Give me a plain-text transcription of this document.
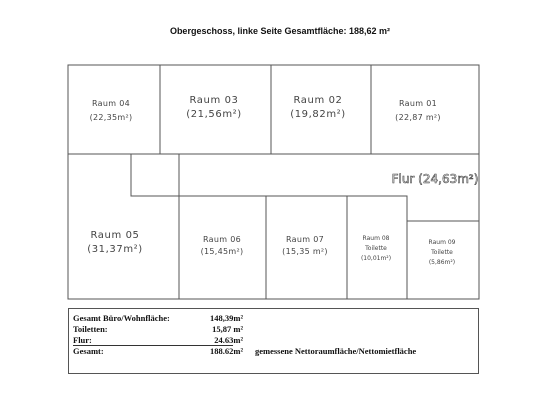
Obergeschoss, linke Seite Gesamtfläche: 188,62 m²
Raum 04
(22,35m²)
Raum 03
(21,56m²)
Raum 02
(19,82m²)
Raum 01
(22,87 m²)
Flur (24,63m²)
Raum 05
(31,37m²)
Raum 06
(15,45m²)
Raum 07
(15,35 m²)
Raum 08
Toilette
(10,01m²)
Raum 09
Toilette
(5,86m²)
Gesamt Büro/Wohnfläche:	148,39m²
Toiletten:	15,87 m²
Flur:	24.63m²
Gesamt:	188.62m² gemessene Nettoraumfläche/Nettomietfläche
